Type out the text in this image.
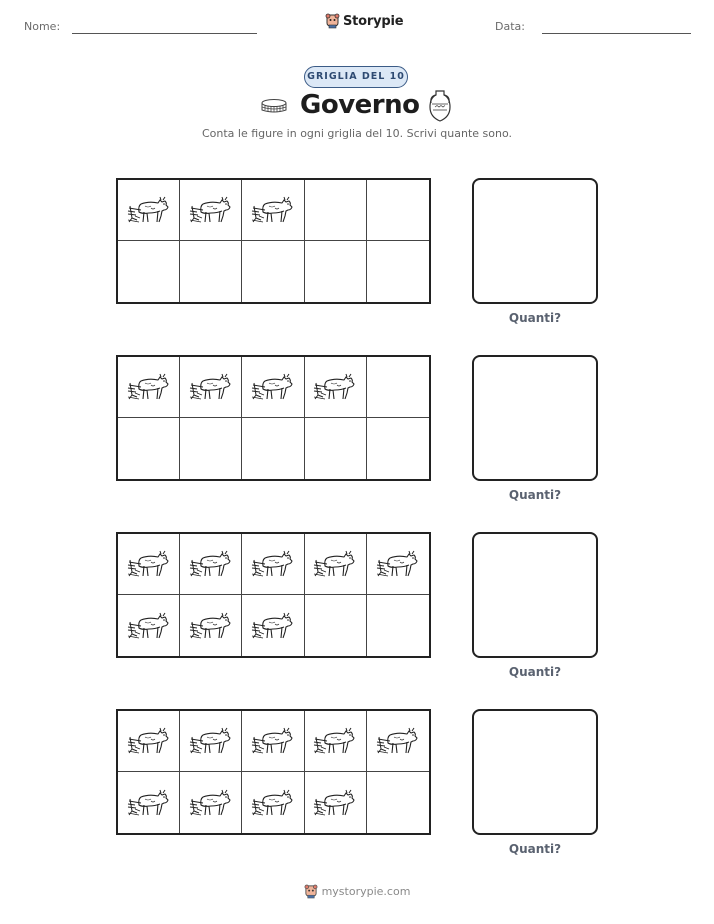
Nome:	Storypie	Data:
GRIGLIA DEL 10
Governo
Conta le figure in ogni griglia del 10. Scrivi quante sono.
Quanti?
Quanti?
Quanti?
Quanti?
mystorypie.com
